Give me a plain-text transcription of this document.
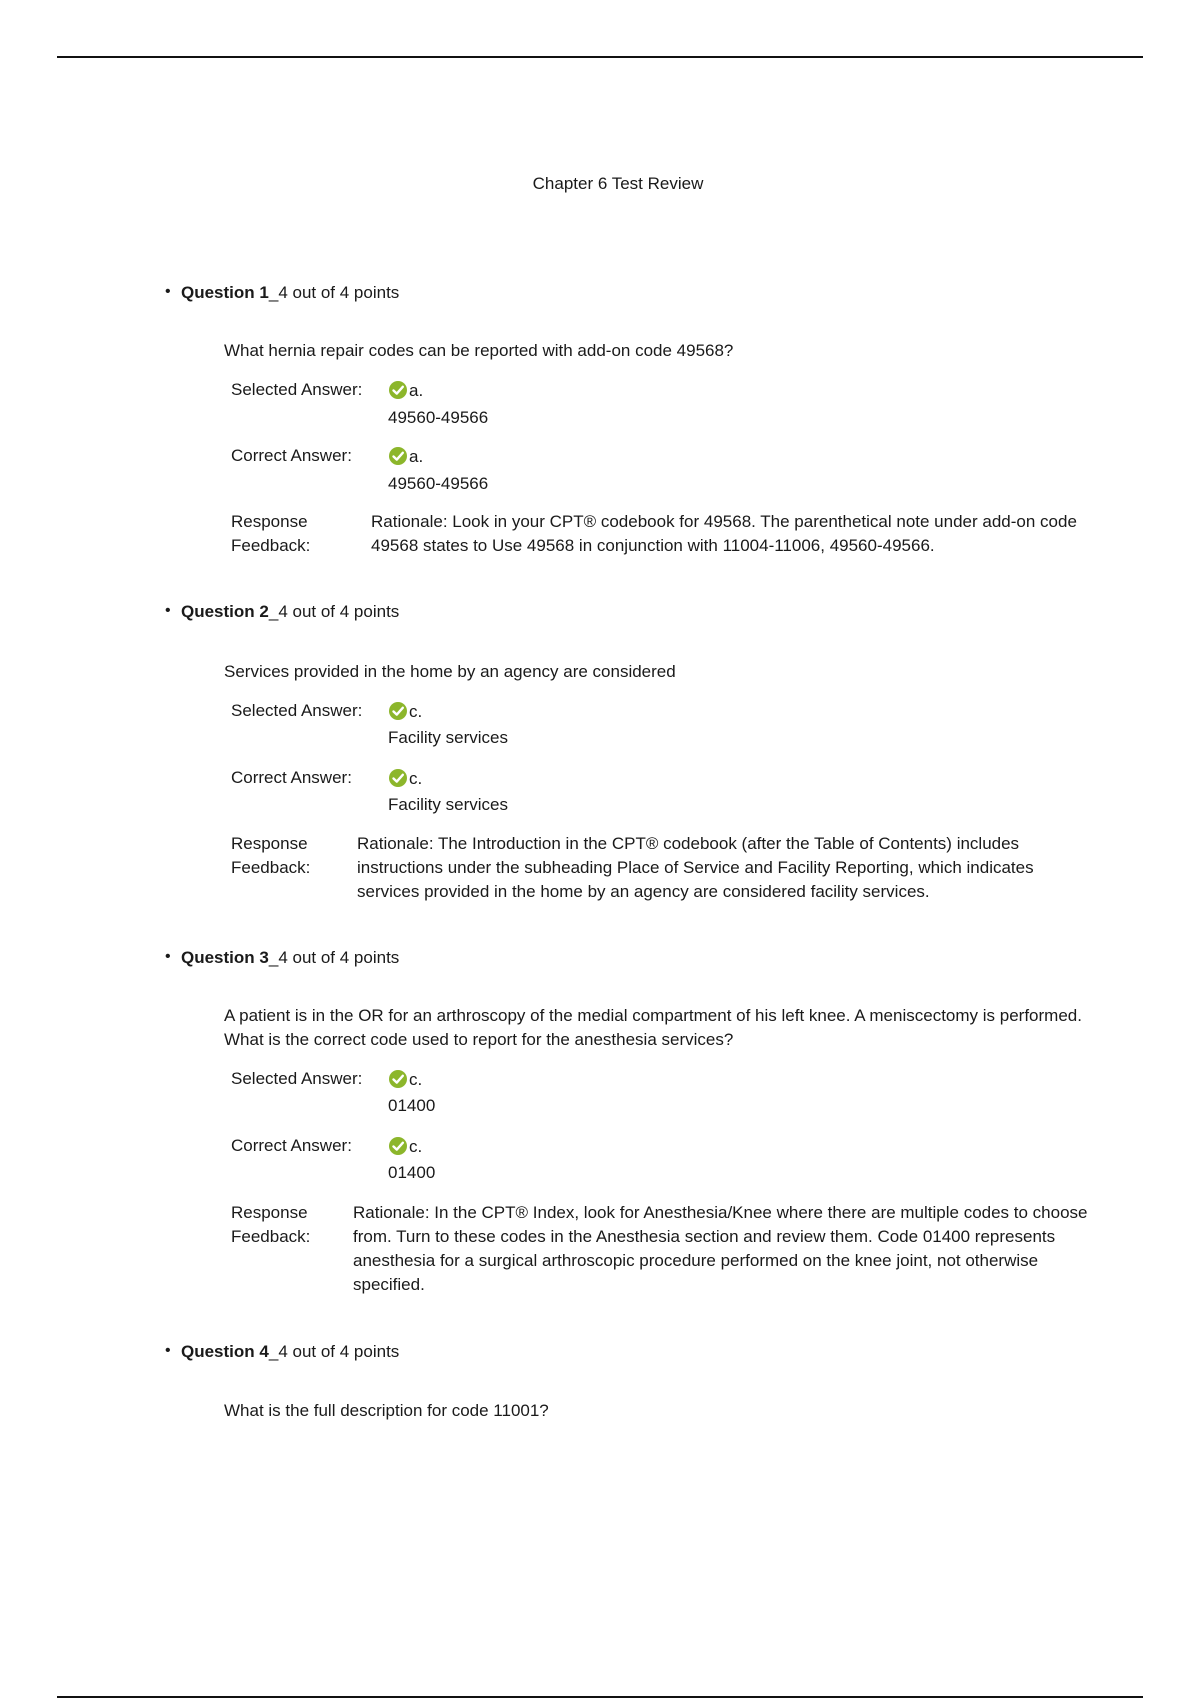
Chapter 6 Test Review
• Question 1_4 out of 4 points
What hernia repair codes can be reported with add-on code 49568?
Selected Answer:	a.
49560-49566
Correct Answer:	a.
49560-49566
Response
Feedback:
Rationale: Look in your CPT® codebook for 49568. The parenthetical note under add-on code 49568 states to Use 49568 in conjunction with 11004-11006, 49560-49566.
• Question 2_4 out of 4 points
Services provided in the home by an agency are considered
Selected Answer:	c.
Facility services
Correct Answer:	c.
Facility services
Response
Feedback:
Rationale: The Introduction in the CPT® codebook (after the Table of Contents) includes instructions under the subheading Place of Service and Facility Reporting, which indicates services provided in the home by an agency are considered facility services.
• Question 3_4 out of 4 points
A patient is in the OR for an arthroscopy of the medial compartment of his left knee. A meniscectomy is performed. What is the correct code used to report for the anesthesia services?
Selected Answer:	c.
01400
Correct Answer:	c.
01400
Response
Feedback:
Rationale: In the CPT® Index, look for Anesthesia/Knee where there are multiple codes to choose from. Turn to these codes in the Anesthesia section and review them. Code 01400 represents anesthesia for a surgical arthroscopic procedure performed on the knee joint, not otherwise specified.
• Question 4_4 out of 4 points
What is the full description for code 11001?
